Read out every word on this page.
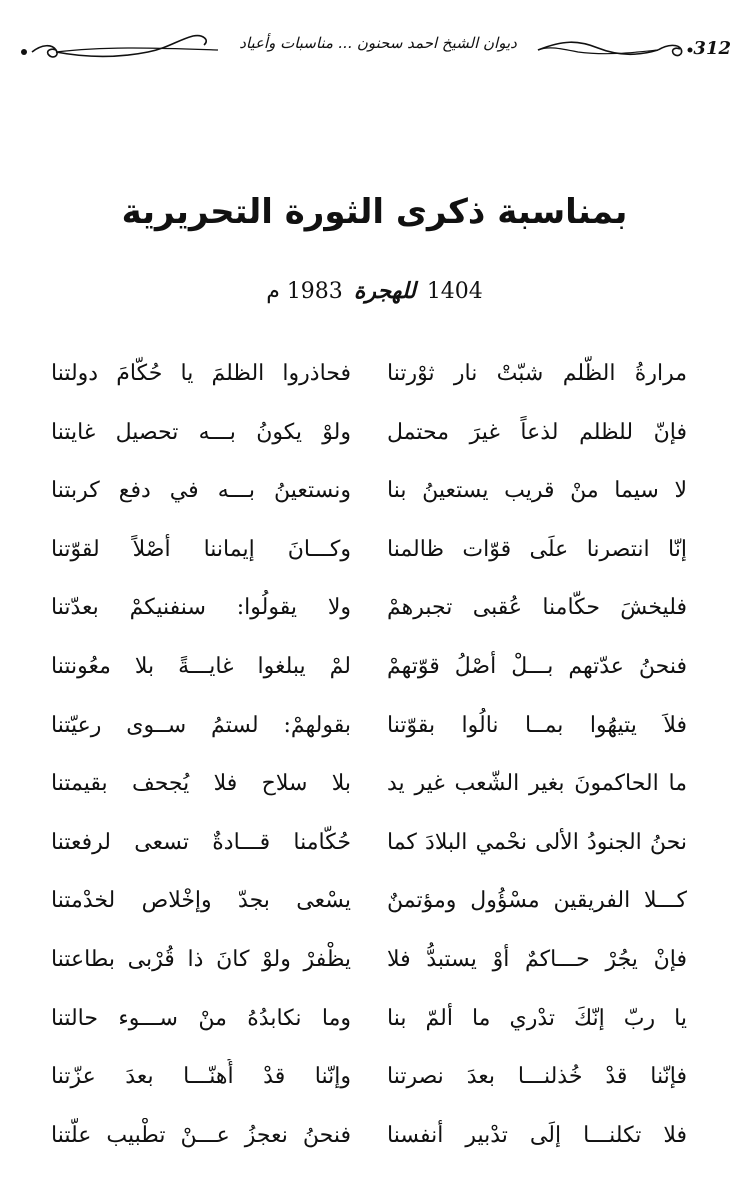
ديوان الشيخ احمد سحنون ... مناسبات وأعياد	312
بمناسبة ذكرى الثورة التحريرية
1404 للهجرة 1983 م
مرارةُ الظّلم شبّتْ نار ثوْرتنا
فحاذروا الظلمَ يا حُكّامَ دولتنا
فإنّ للظلم لذعاً غيرَ محتمل
ولوْ يكونُ بـــه تحصيل غايتنا
لا سيما منْ قريب يستعينُ بنا
ونستعينُ بـــه في دفع كربتنا
إنّا انتصرنا علَى قوّات ظالمنا
وكـــانَ إيماننا أصْلاً لقوّتنا
فليخشَ حكّامنا عُقبى تجبرهمْ
ولا يقولُوا: سنفنيكمْ بعدّتنا
فنحنُ عدّتهم بـــلْ أصْلُ قوّتهمْ
لمْ يبلغوا غايـــةً بلا معُونتنا
فلاَ يتيهُوا بمــا نالُوا بقوّتنا
بقولهمْ: لستمُ ســوى رعيّتنا
ما الحاكمونَ بغير الشّعب غير يد
بلا سلاح فلا يُجحف بقيمتنا
نحنُ الجنودُ الألى نحْمي البلادَ كما
حُكّامنا قـــادةٌ تسعى لرفعتنا
كـــلا الفريقين مسْؤُول ومؤتمنٌ
يسْعى بجدّ وإخْلاص لخدْمتنا
فإنْ يجُرْ حـــاكمٌ أوْ يستبدُّ فلا
يظْفرْ ولوْ كانَ ذا قُرْبى بطاعتنا
يا ربّ إنّكَ تدْري ما ألمّ بنا
وما نكابدُهُ منْ ســـوء حالتنا
فإنّنا قدْ خُذلنـــا بعدَ نصرتنا
وإنّنا قدْ أُهنّـــا بعدَ عزّتنا
فلا تكلنـــا إلَى تدْبير أنفسنا
فنحنُ نعجزُ عـــنْ تطْبيب علّتنا
